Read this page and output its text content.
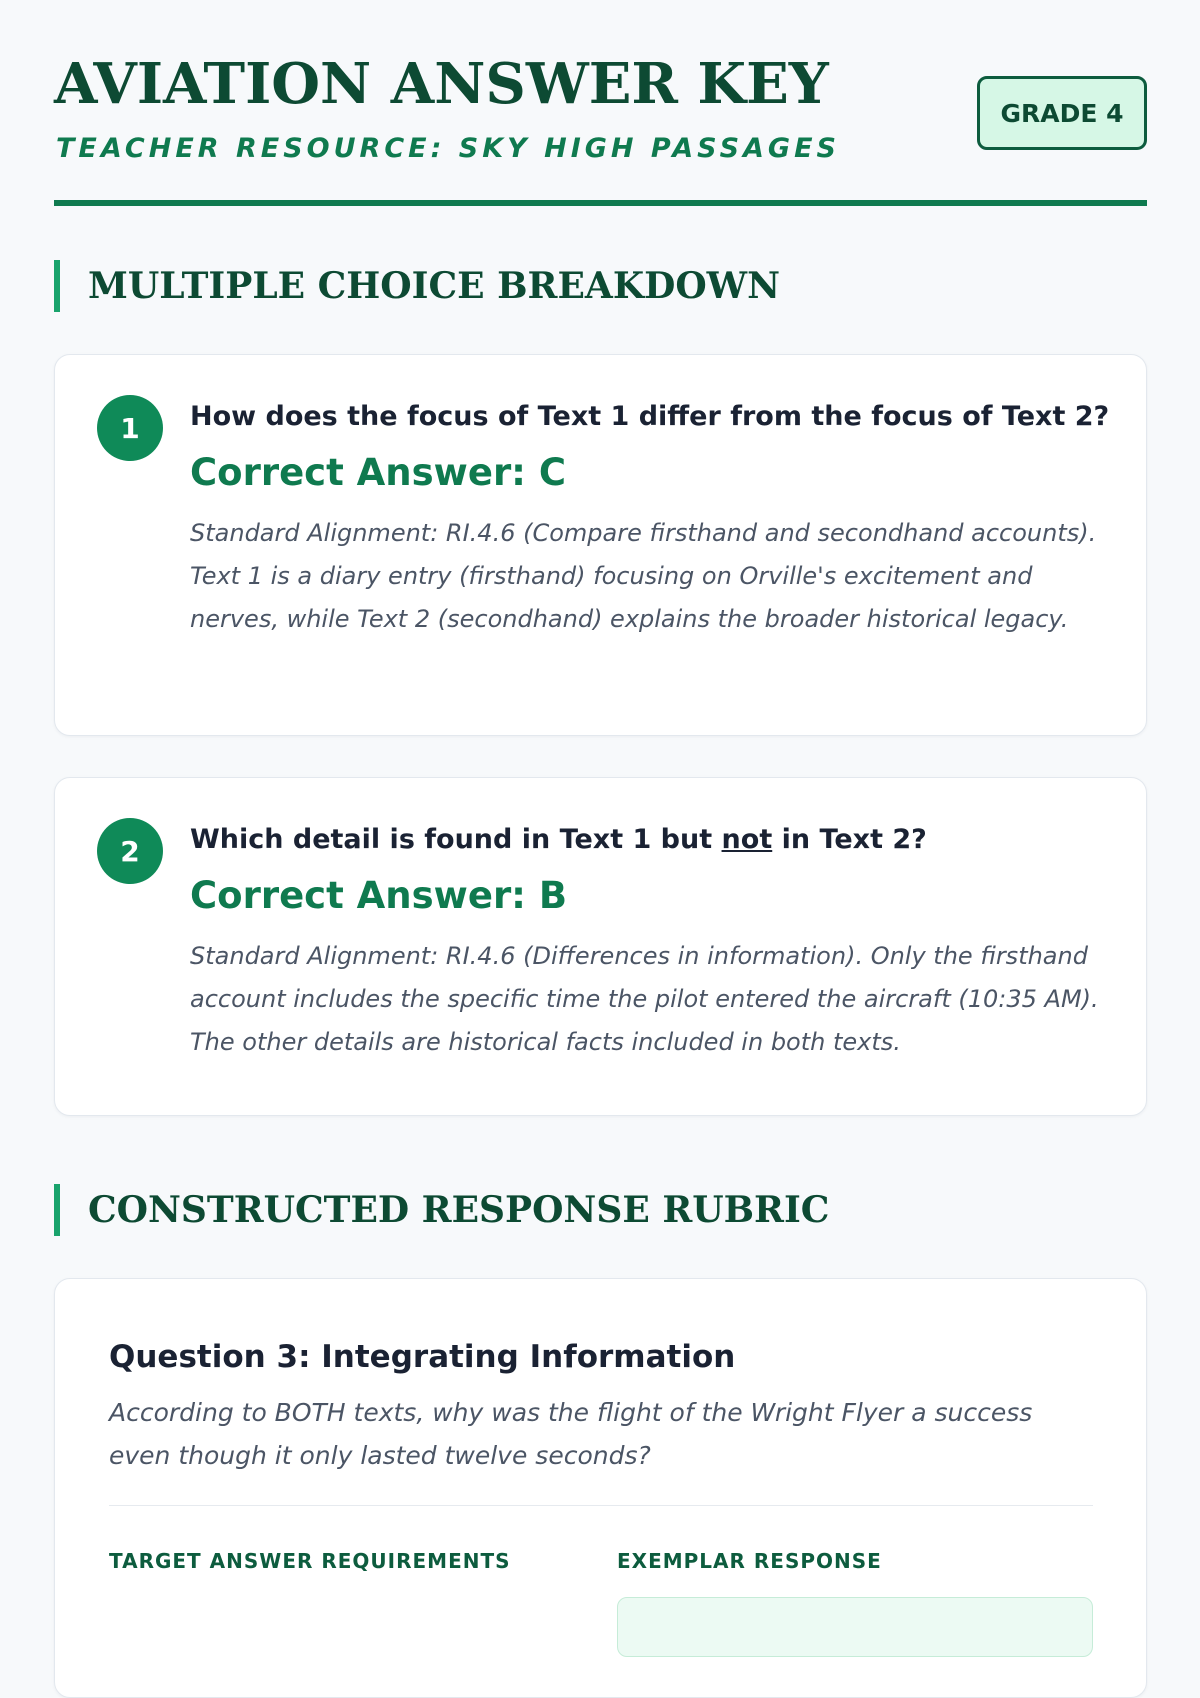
AVIATION ANSWER KEY

TEACHER RESOURCE: SKY HIGH PASSAGES

GRADE 4
MULTIPLE CHOICE BREAKDOWN
1	How does the focus of Text 1 differ from the focus of Text 2?

Correct Answer: C

Standard Alignment: RI.4.6 (Compare firsthand and secondhand accounts). Text 1 is a diary entry (firsthand) focusing on Orville's excitement and nerves, while Text 2 (secondhand) explains the broader historical legacy.

2	Which detail is found in Text 1 but not in Text 2?

Correct Answer: B

Standard Alignment: RI.4.6 (Differences in information). Only the firsthand account includes the specific time the pilot entered the aircraft (10:35 AM). The other details are historical facts included in both texts.

CONSTRUCTED RESPONSE RUBRIC

Question 3: Integrating Information

According to BOTH texts, why was the flight of the Wright Flyer a success even though it only lasted twelve seconds?

TARGET ANSWER REQUIREMENTS	EXEMPLAR RESPONSE
